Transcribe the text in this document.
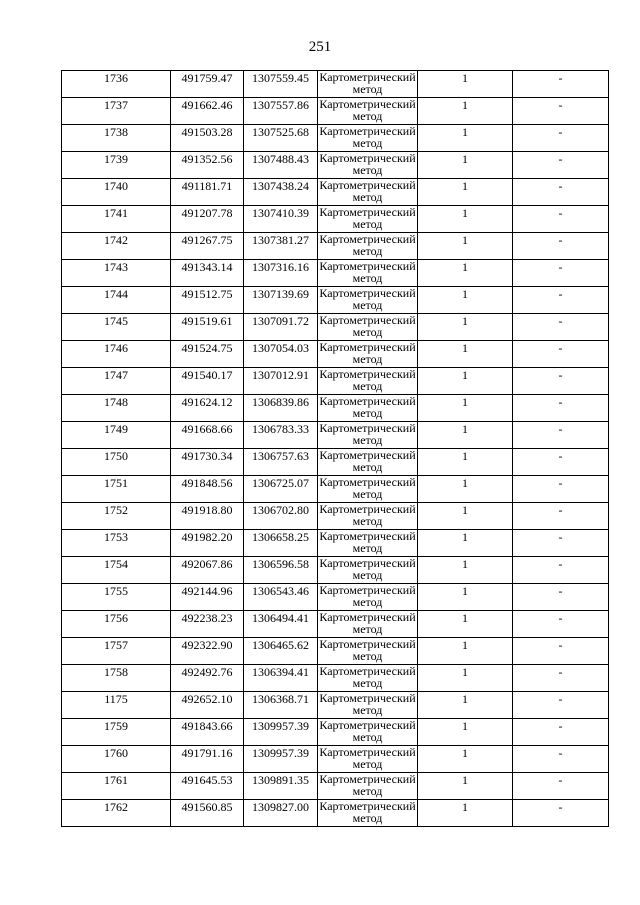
251
1736	491759.47	1307559.45	Картометрический метод	1	-

1737	491662.46	1307557.86	Картометрический метод	1	-

1738	491503.28	1307525.68	Картометрический метод	1	-

1739	491352.56	1307488.43	Картометрический метод	1	-

1740	491181.71	1307438.24	Картометрический метод	1	-

1741	491207.78	1307410.39	Картометрический метод	1	-

1742	491267.75	1307381.27	Картометрический метод	1	-

1743	491343.14	1307316.16	Картометрический метод	1	-

1744	491512.75	1307139.69	Картометрический метод	1	-

1745	491519.61	1307091.72	Картометрический метод	1	-

1746	491524.75	1307054.03	Картометрический метод	1	-

1747	491540.17	1307012.91	Картометрический метод	1	-

1748	491624.12	1306839.86	Картометрический метод	1	-

1749	491668.66	1306783.33	Картометрический метод	1	-

1750	491730.34	1306757.63	Картометрический метод	1	-

1751	491848.56	1306725.07	Картометрический метод	1	-

1752	491918.80	1306702.80	Картометрический метод	1	-

1753	491982.20	1306658.25	Картометрический метод	1	-

1754	492067.86	1306596.58	Картометрический метод	1	-

1755	492144.96	1306543.46	Картометрический метод	1	-

1756	492238.23	1306494.41	Картометрический метод	1	-

1757	492322.90	1306465.62	Картометрический метод	1	-

1758	492492.76	1306394.41	Картометрический метод	1	-

1175	492652.10	1306368.71	Картометрический метод	1	-

1759	491843.66	1309957.39	Картометрический метод	1	-

1760	491791.16	1309957.39	Картометрический метод	1	-

1761	491645.53	1309891.35	Картометрический метод	1	-

1762	491560.85	1309827.00	Картометрический метод	1	-
